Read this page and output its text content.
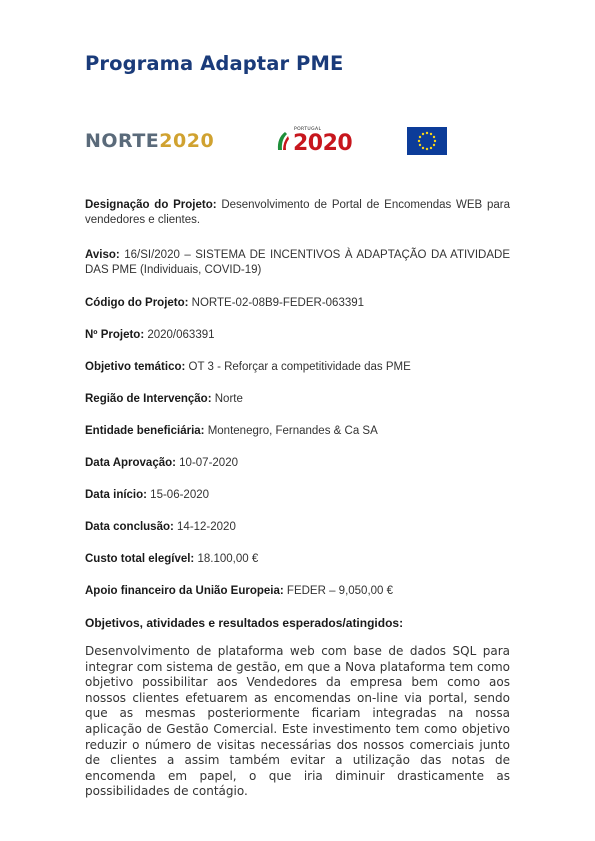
Programa Adaptar PME
NORTE2020
PORTUGAL
2020
Designação do Projeto: Desenvolvimento de Portal de Encomendas WEB para vendedores e clientes.
Aviso: 16/SI/2020 – SISTEMA DE INCENTIVOS À ADAPTAÇÃO DA ATIVIDADE DAS PME (Individuais, COVID-19)
Código do Projeto: NORTE-02-08B9-FEDER-063391
Nº Projeto: 2020/063391
Objetivo temático: OT 3 - Reforçar a competitividade das PME
Região de Intervenção: Norte
Entidade beneficiária: Montenegro, Fernandes & Ca SA
Data Aprovação: 10-07-2020
Data início: 15-06-2020
Data conclusão: 14-12-2020
Custo total elegível: 18.100,00 €
Apoio financeiro da União Europeia: FEDER – 9,050,00 €
Objetivos, atividades e resultados esperados/atingidos:
Desenvolvimento de plataforma web com base de dados SQL para integrar com sistema de gestão, em que a Nova plataforma tem como objetivo possibilitar aos Vendedores da empresa bem como aos nossos clientes efetuarem as encomendas on-line via portal, sendo que as mesmas posteriormente ficariam integradas na nossa aplicação de Gestão Comercial. Este investimento tem como objetivo reduzir o número de visitas necessárias dos nossos comerciais junto de clientes a assim também evitar a utilização das notas de encomenda em papel, o que iria diminuir drasticamente as possibilidades de contágio.
